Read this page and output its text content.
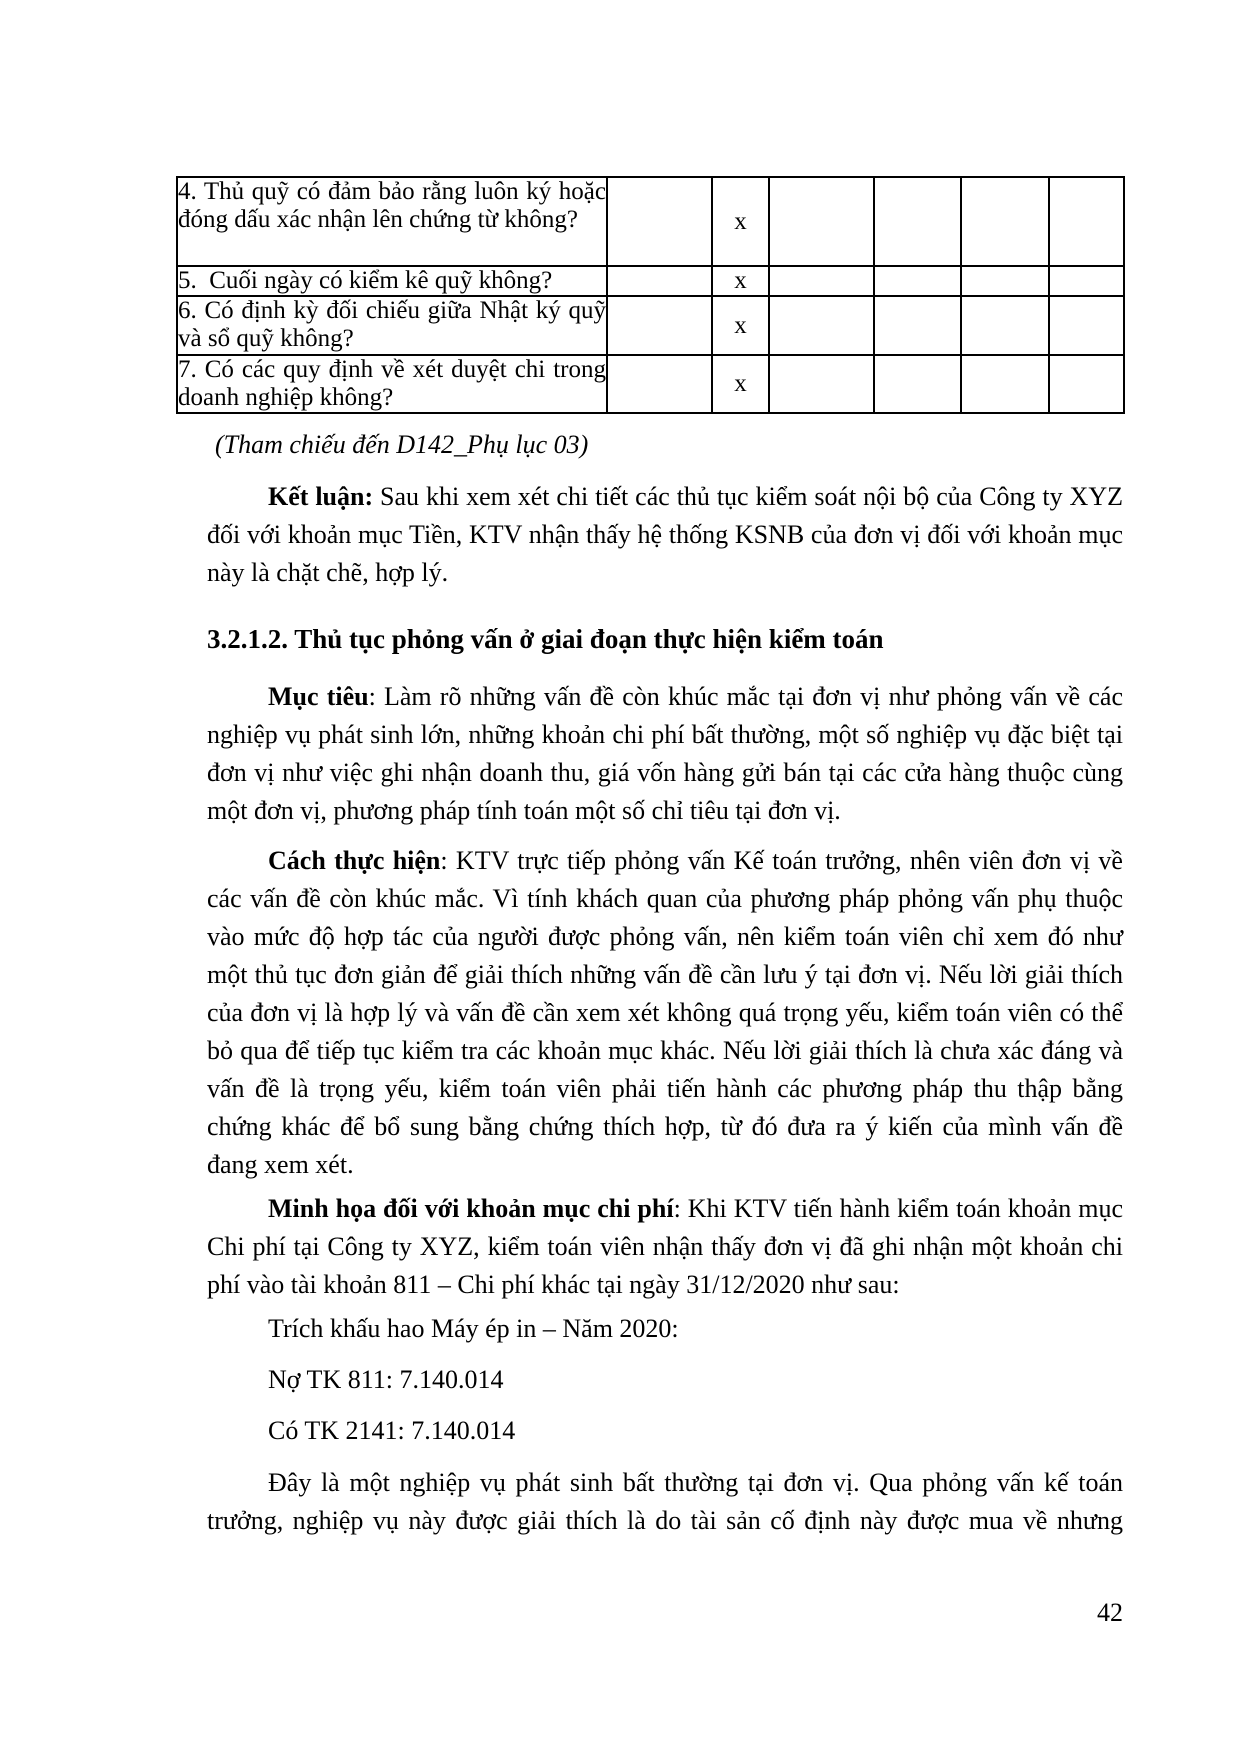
4. Thủ quỹ có đảm bảo rằng luôn ký hoặc đóng dấu xác nhận lên chứng từ không?		x				
5.  Cuối ngày có kiểm kê quỹ không?		x				
6. Có định kỳ đối chiếu giữa Nhật ký quỹ và sổ quỹ không?		x				
7. Có các quy định về xét duyệt chi trong doanh nghiệp không?		x				

(Tham chiếu đến D142_Phụ lục 03)

Kết luận: Sau khi xem xét chi tiết các thủ tục kiểm soát nội bộ của Công ty XYZ đối với khoản mục Tiền, KTV nhận thấy hệ thống KSNB của đơn vị đối với khoản mục này là chặt chẽ, hợp lý.

3.2.1.2. Thủ tục phỏng vấn ở giai đoạn thực hiện kiểm toán

Mục tiêu: Làm rõ những vấn đề còn khúc mắc tại đơn vị như phỏng vấn về các nghiệp vụ phát sinh lớn, những khoản chi phí bất thường, một số nghiệp vụ đặc biệt tại đơn vị như việc ghi nhận doanh thu, giá vốn hàng gửi bán tại các cửa hàng thuộc cùng một đơn vị, phương pháp tính toán một số chỉ tiêu tại đơn vị.

Cách thực hiện: KTV trực tiếp phỏng vấn Kế toán trưởng, nhên viên đơn vị về các vấn đề còn khúc mắc. Vì tính khách quan của phương pháp phỏng vấn phụ thuộc vào mức độ hợp tác của người được phỏng vấn, nên kiểm toán viên chỉ xem đó như một thủ tục đơn giản để giải thích những vấn đề cần lưu ý tại đơn vị. Nếu lời giải thích của đơn vị là hợp lý và vấn đề cần xem xét không quá trọng yếu, kiểm toán viên có thể bỏ qua để tiếp tục kiểm tra các khoản mục khác. Nếu lời giải thích là chưa xác đáng và vấn đề là trọng yếu, kiểm toán viên phải tiến hành các phương pháp thu thập bằng chứng khác để bổ sung bằng chứng thích hợp, từ đó đưa ra ý kiến của mình vấn đề đang xem xét.

Minh họa đối với khoản mục chi phí: Khi KTV tiến hành kiểm toán khoản mục Chi phí tại Công ty XYZ, kiểm toán viên nhận thấy đơn vị đã ghi nhận một khoản chi phí vào tài khoản 811 – Chi phí khác tại ngày 31/12/2020 như sau:

Trích khấu hao Máy ép in – Năm 2020:

Nợ TK 811: 7.140.014

Có TK 2141: 7.140.014

Đây là một nghiệp vụ phát sinh bất thường tại đơn vị. Qua phỏng vấn kế toán trưởng, nghiệp vụ này được giải thích là do tài sản cố định này được mua về nhưng

42
